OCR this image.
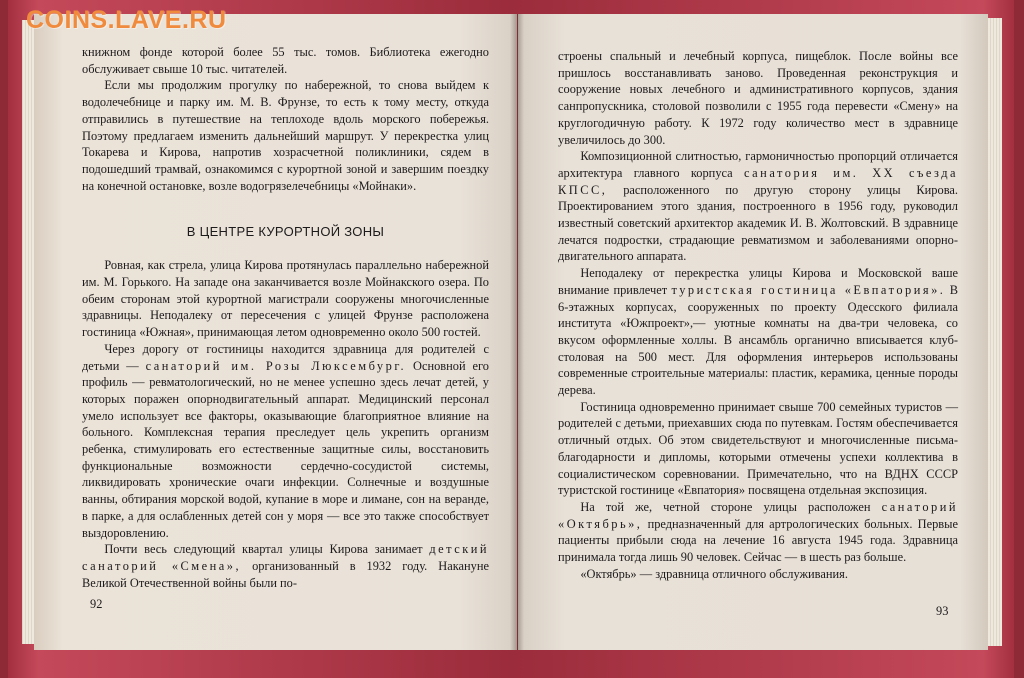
COINS.LAVE.RU

книжном фонде которой более 55 тыс. томов. Библиотека ежегодно обслуживает свыше 10 тыс. читателей.

Если мы продолжим прогулку по набережной, то снова выйдем к водолечебнице и парку им. М. В. Фрунзе, то есть к тому месту, откуда отправились в путешествие на теплоходе вдоль морского побережья. Поэтому предлагаем изменить дальнейший маршрут. У перекрестка улиц Токарева и Кирова, напротив хозрасчетной поликлиники, сядем в подошедший трамвай, ознакомимся с курортной зоной и завершим поездку на конечной остановке, возле водогрязелечебницы «Мойнаки».

В ЦЕНТРЕ КУРОРТНОЙ ЗОНЫ

Ровная, как стрела, улица Кирова протянулась параллельно набережной им. М. Горького. На западе она заканчивается возле Мойнакского озера. По обеим сторонам этой курортной магистрали сооружены многочисленные здравницы. Неподалеку от пересечения с улицей Фрунзе расположена гостиница «Южная», принимающая летом одновременно около 500 гостей.

Через дорогу от гостиницы находится здравница для родителей с детьми — санаторий им. Розы Люксембург. Основной его профиль — ревматологический, но не менее успешно здесь лечат детей, у которых поражен опорнодвигательный аппарат. Медицинский персонал умело использует все факторы, оказывающие благоприятное влияние на больного. Комплексная терапия преследует цель укрепить организм ребенка, стимулировать его естественные защитные силы, восстановить функциональные возможности сердечно-сосудистой системы, ликвидировать хронические очаги инфекции. Солнечные и воздушные ванны, обтирания морской водой, купание в море и лимане, сон на веранде, в парке, а для ослабленных детей сон у моря — все это также способствует выздоровлению.

Почти весь следующий квартал улицы Кирова занимает детский санаторий «Смена», организованный в 1932 году. Накануне Великой Отечественной войны были по-

92

строены спальный и лечебный корпуса, пищеблок. После войны все пришлось восстанавливать заново. Проведенная реконструкция и сооружение новых лечебного и административного корпусов, здания санпропускника, столовой позволили с 1955 года перевести «Смену» на круглогодичную работу. К 1972 году количество мест в здравнице увеличилось до 300.

Композиционной слитностью, гармоничностью пропорций отличается архитектура главного корпуса санатория им. XX съезда КПСС, расположенного по другую сторону улицы Кирова. Проектированием этого здания, построенного в 1956 году, руководил известный советский архитектор академик И. В. Жолтовский. В здравнице лечатся подростки, страдающие ревматизмом и заболеваниями опорно-двигательного аппарата.

Неподалеку от перекрестка улицы Кирова и Московской ваше внимание привлечет туристская гостиница «Евпатория». В 6-этажных корпусах, сооруженных по проекту Одесского филиала института «Южпроект»,— уютные комнаты на два-три человека, со вкусом оформленные холлы. В ансамбль органично вписывается клуб-столовая на 500 мест. Для оформления интерьеров использованы современные строительные материалы: пластик, керамика, ценные породы дерева.

Гостиница одновременно принимает свыше 700 семейных туристов — родителей с детьми, приехавших сюда по путевкам. Гостям обеспечивается отличный отдых. Об этом свидетельствуют и многочисленные письма-благодарности и дипломы, которыми отмечены успехи коллектива в социалистическом соревновании. Примечательно, что на ВДНХ СССР туристской гостинице «Евпатория» посвящена отдельная экспозиция.

На той же, четной стороне улицы расположен санаторий «Октябрь», предназначенный для артрологических больных. Первые пациенты прибыли сюда на лечение 16 августа 1945 года. Здравница принимала тогда лишь 90 человек. Сейчас — в шесть раз больше.

«Октябрь» — здравница отличного обслуживания.

93
